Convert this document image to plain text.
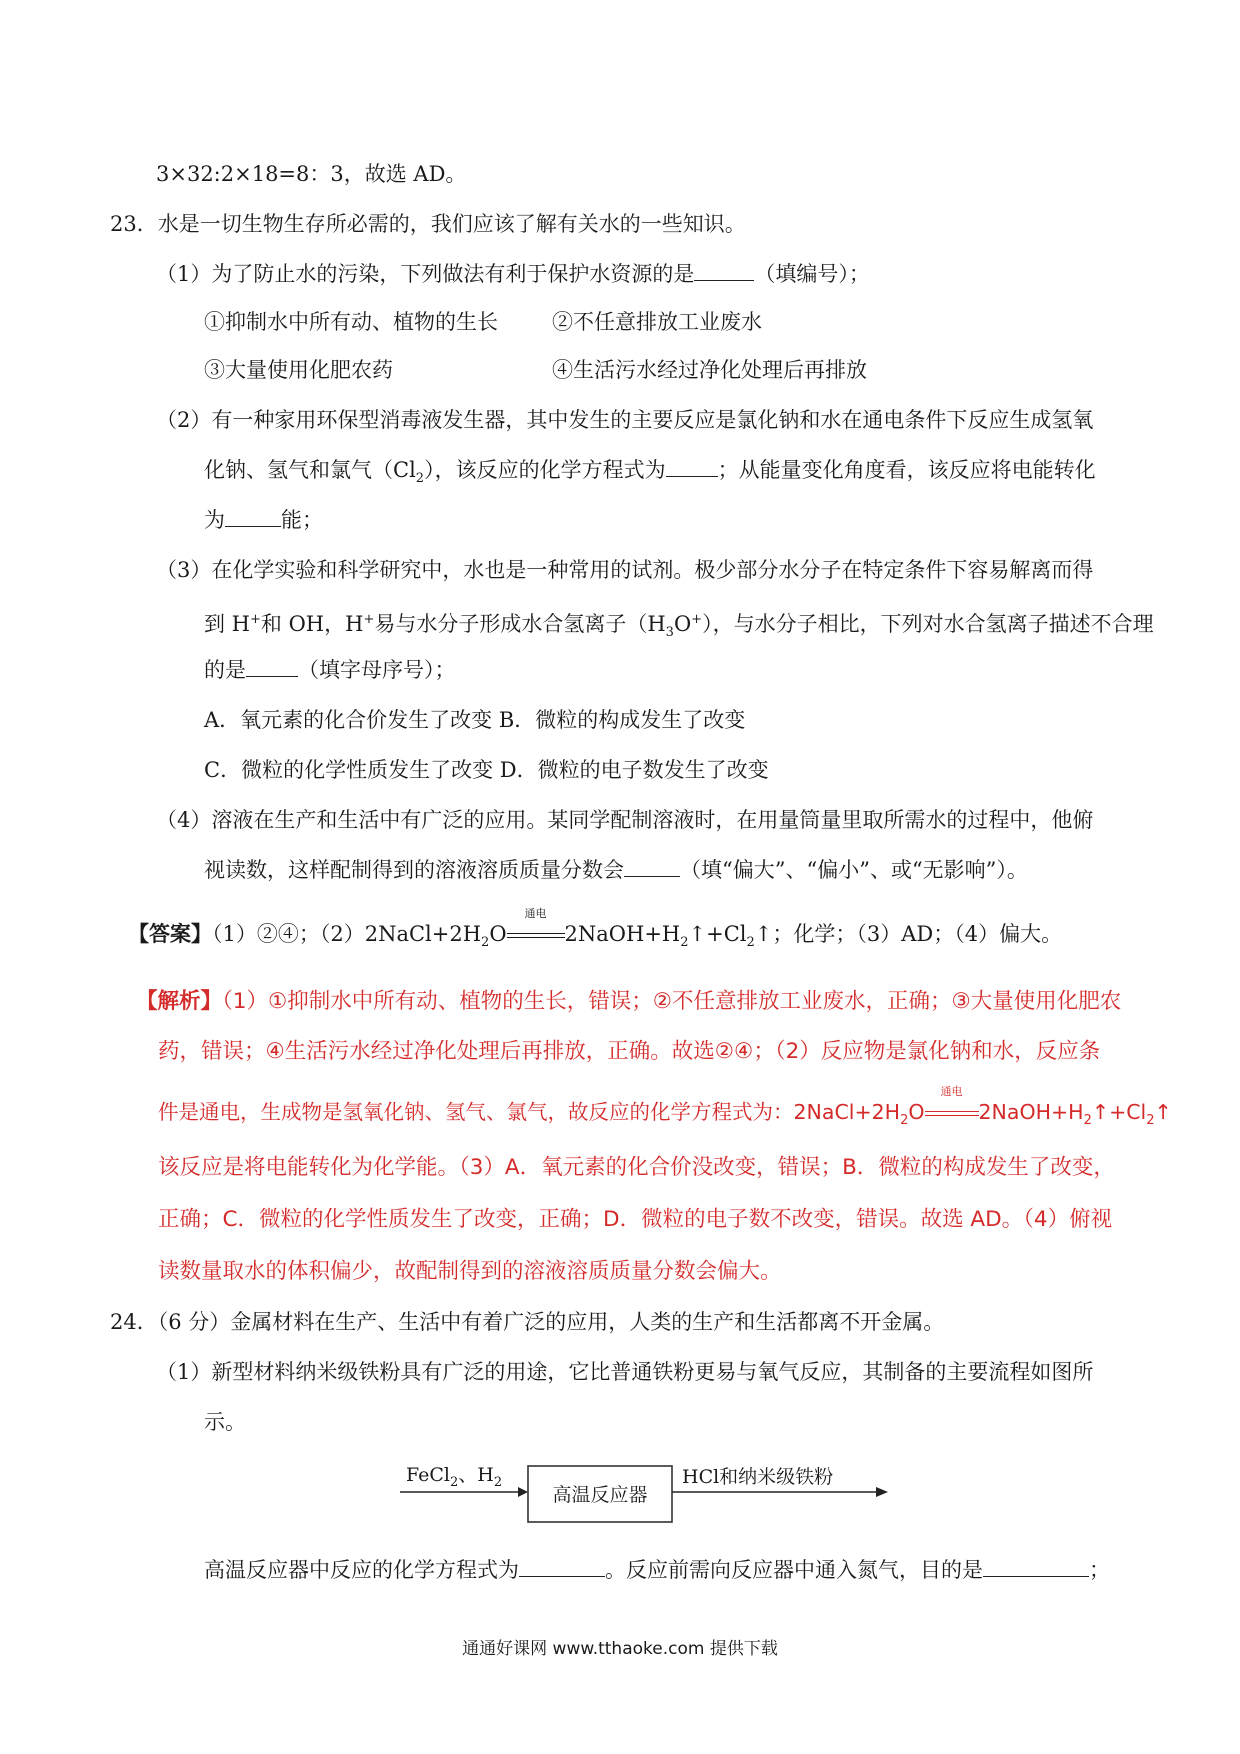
3×32:2×18=8：3，故选 AD。
23．水是一切生物生存所必需的，我们应该了解有关水的一些知识。
（1）为了防止水的污染，下列做法有利于保护水资源的是	（填编号）；
①抑制水中所有动、植物的生长	②不任意排放工业废水
③大量使用化肥农药	④生活污水经过净化处理后再排放
（2）有一种家用环保型消毒液发生器，其中发生的主要反应是氯化钠和水在通电条件下反应生成氢氧
化钠、氢气和氯气$(Cl_2)$，该反应的化学方程式为 ；从能量变化角度看，该反应将电能转化
为	能；
（3）在化学实验和科学研究中，水也是一种常用的试剂。极少部分水分子在特定条件下容易解离而得
到 H+和 OH，H+易与水分子形成水合氢离子$(H_3O^+)$，与水分子相比，下列对水合氢离子描述不合理
的是 （填字母序号）；
A．氧元素的化合价发生了改变 B．微粒的构成发生了改变
C．微粒的化学性质发生了改变 D．微粒的电子数发生了改变
（4）溶液在生产和生活中有广泛的应用。某同学配制溶液时，在用量筒量里取所需水的过程中，他俯
视读数，这样配制得到的溶液溶质质量分数会	（填“偏大”、“偏小”、或“无影响”）。
【答案】（1）②④；$(2)2NaCl+2H_2O$
通电
$2NaOH+H_2↑+Cl_2↑$；化学；（3）AD；（4）偏大。
【解析】（1）①抑制水中所有动、植物的生长，错误；②不任意排放工业废水，正确；③大量使用化肥农
药，错误；④生活污水经过净化处理后再排放，正确。故选②④；（2）反应物是氯化钠和水，反应条
件是通电，生成物是氢氧化钠、氢气、氯气，故反应的化学方程式为：$2NaCl+2H_2O$
通电
$2NaOH+H_2↑+Cl_2↑$
该反应是将电能转化为化学能。（3）A．氧元素的化合价没改变，错误；B．微粒的构成发生了改变，
正确；C．微粒的化学性质发生了改变，正确；D．微粒的电子数不改变，错误。故选 AD。（4）俯视
读数量取水的体积偏少，故配制得到的溶液溶质质量分数会偏大。
24．（6 分）金属材料在生产、生活中有着广泛的应用，人类的生产和生活都离不开金属。
（1）新型材料纳米级铁粉具有广泛的用途，它比普通铁粉更易与氧气反应，其制备的主要流程如图所
示。
FeCl$_2$、$H_2$
高温反应器
HCl和纳米级铁粉
高温反应器中反应的化学方程式为	。反应前需向反应器中通入氮气，目的是	；
通通好课网 www.tthaoke.com 提供下载
